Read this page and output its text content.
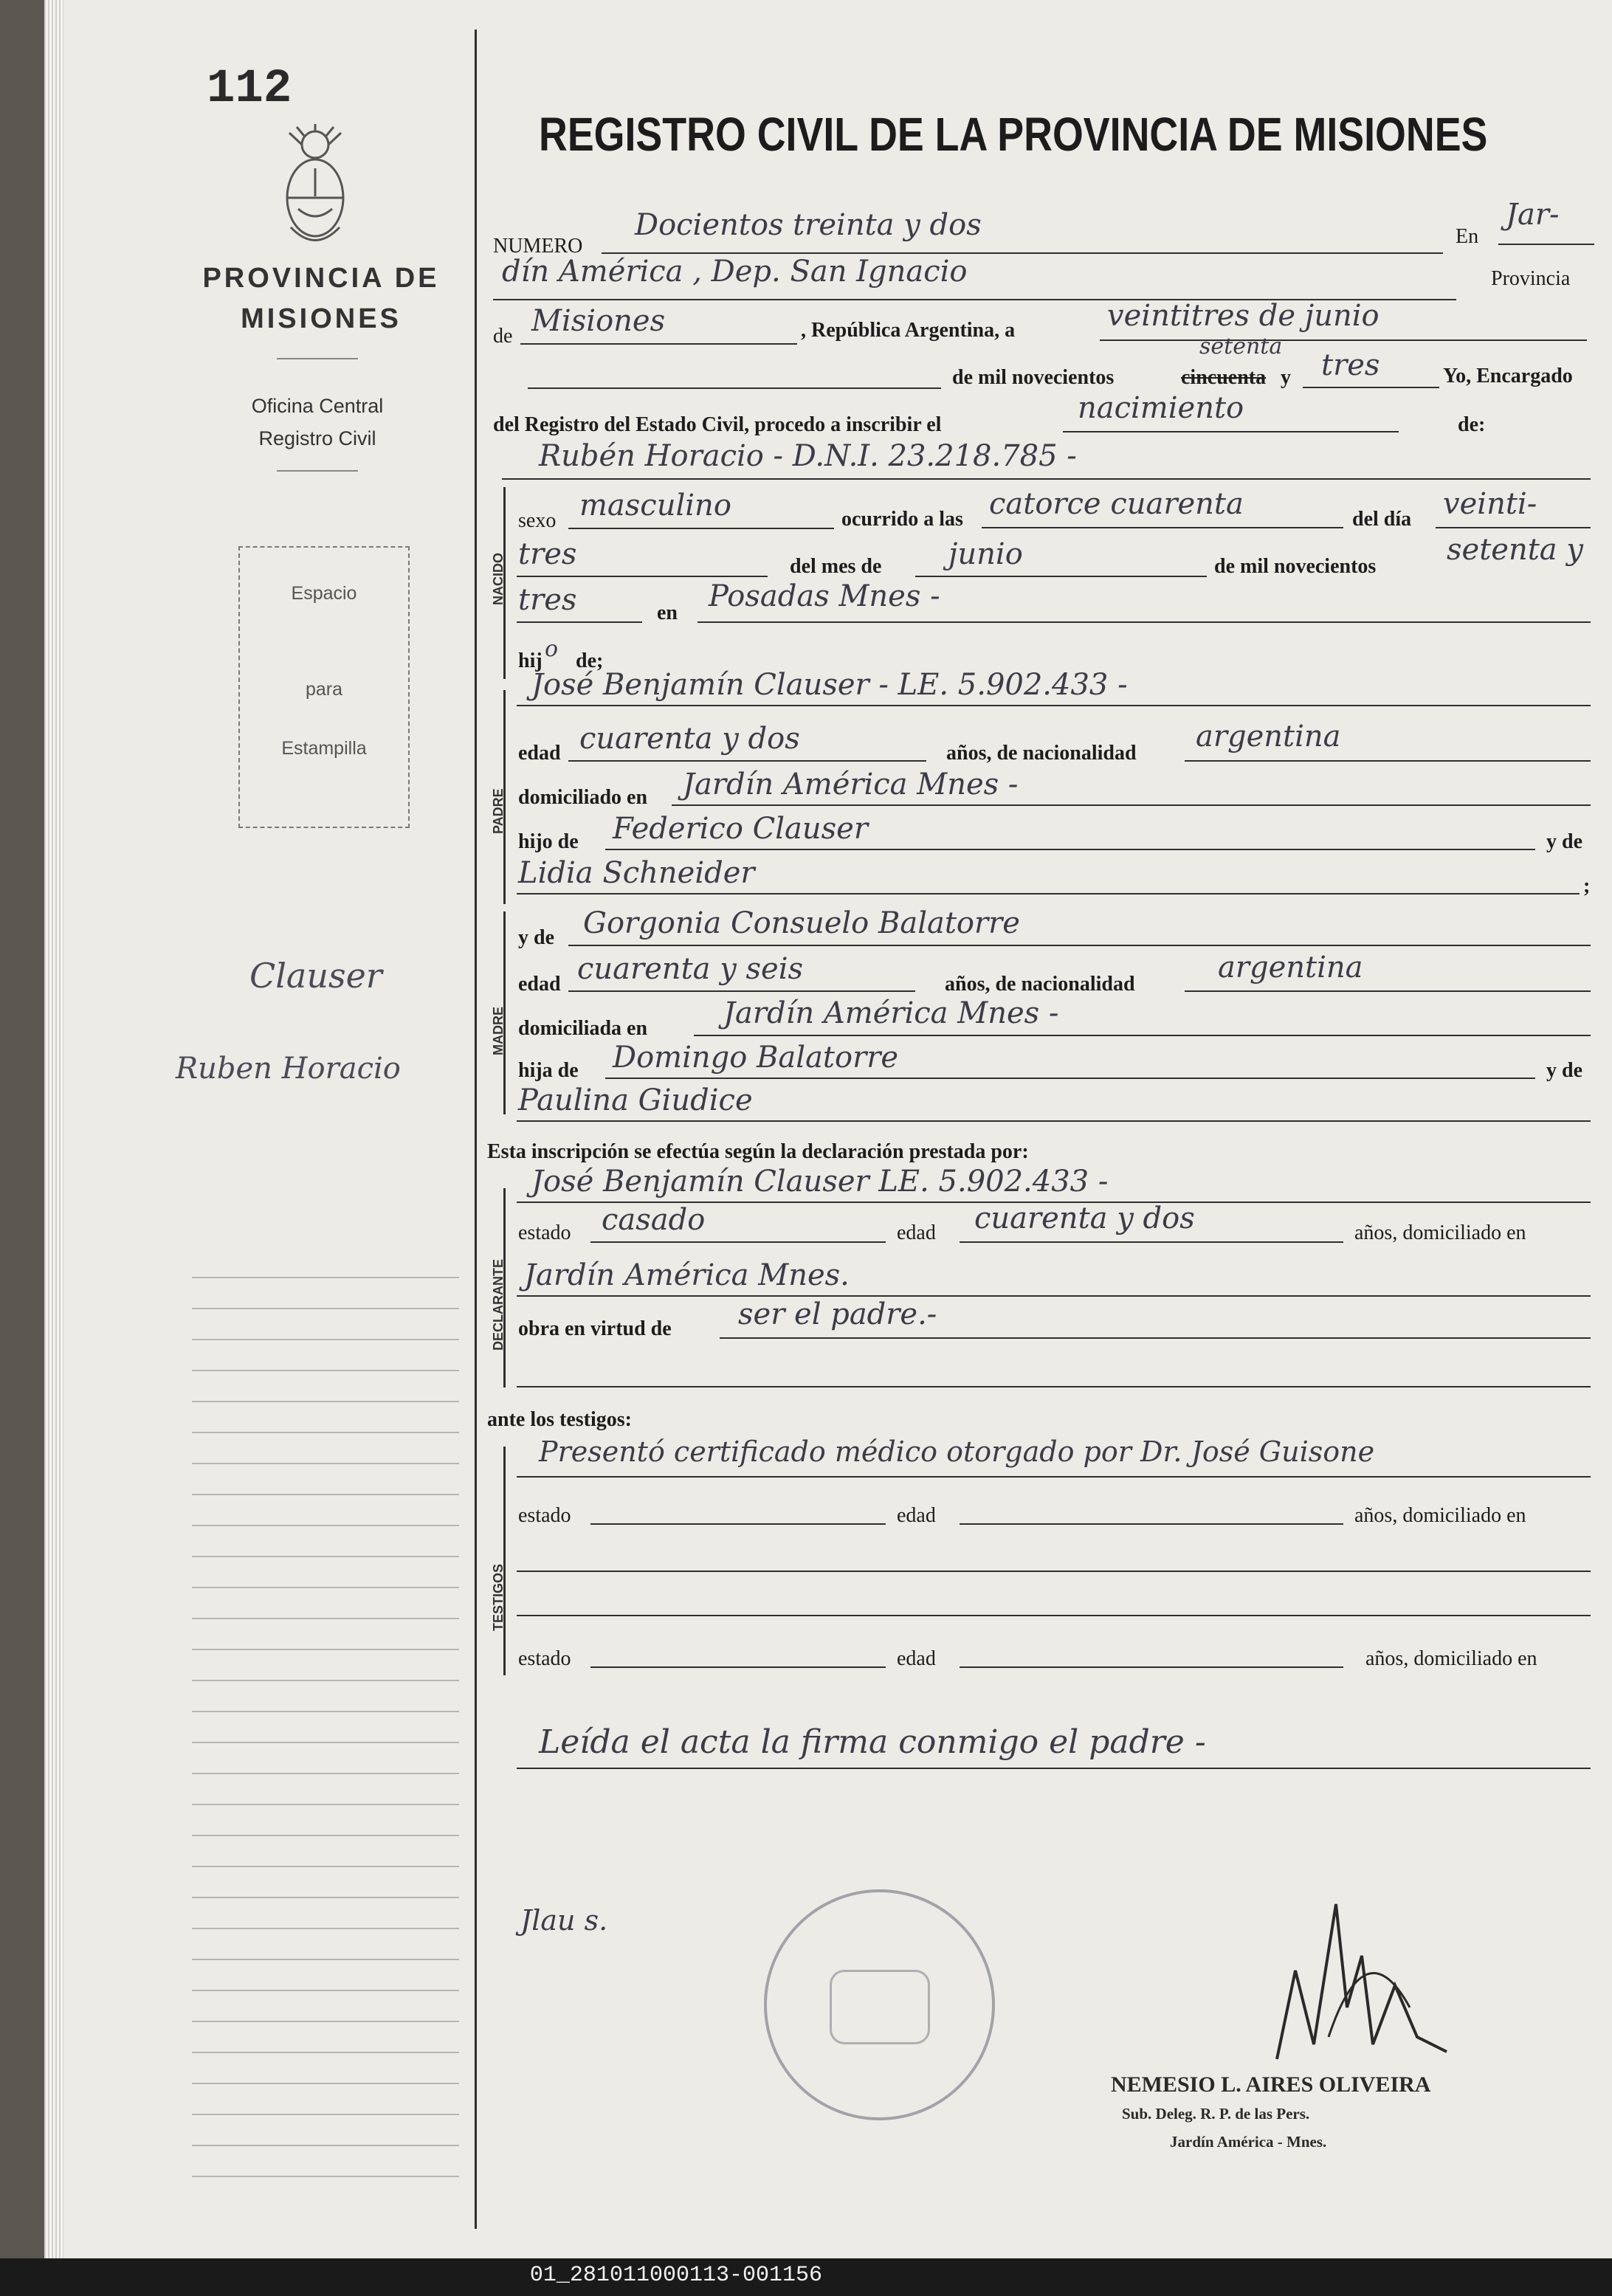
112
PROVINCIA DE
MISIONES
Oficina Central
Registro Civil
Espacio
para
Estampilla
Clauser
Ruben Horacio
REGISTRO CIVIL DE LA PROVINCIA DE MISIONES
NUMERO
Docientos treinta y dos	En
Jar-
dín América , Dep. San Ignacio	Provincia
de Misiones	, República Argentina, a	veintitres de junio
de mil novecientos	cincuenta
setenta
y tres	Yo, Encargado
del Registro del Estado Civil, procedo a inscribir el	nacimiento	de:
Rubén Horacio - D.N.I. 23.218.785 -
NACIDO
sexo masculino	ocurrido a las catorce cuarenta	del día veinti-
tres	del mes de junio	de mil novecientos setenta y
tres	en Posadas Mnes -
hij o de;
PADRE
José Benjamín Clauser - LE. 5.902.433 -
edad cuarenta y dos	años, de nacionalidad argentina
domiciliado en Jardín América Mnes -
hijo de Federico Clauser	y de
Lidia Schneider	;
MADRE
y de Gorgonia Consuelo Balatorre
edad cuarenta y seis	años, de nacionalidad	argentina
domiciliada en	Jardín América Mnes -
hija de Domingo Balatorre	y de
Paulina Giudice
Esta inscripción se efectúa según la declaración prestada por:
DECLARANTE
José Benjamín Clauser LE. 5.902.433 -
estado casado	edad cuarenta y dos	años, domiciliado en
Jardín América Mnes.
obra en virtud de ser el padre.-
ante los testigos:
TESTIGOS
Presentó certificado médico otorgado por Dr. José Guisone
estado	edad	años, domiciliado en
estado	edad	años, domiciliado en
Leída el acta la firma conmigo el padre -
Jlau s.
NEMESIO L. AIRES OLIVEIRA
Sub. Deleg. R. P. de las Pers.
Jardín América - Mnes.
01_281011000113-001156
